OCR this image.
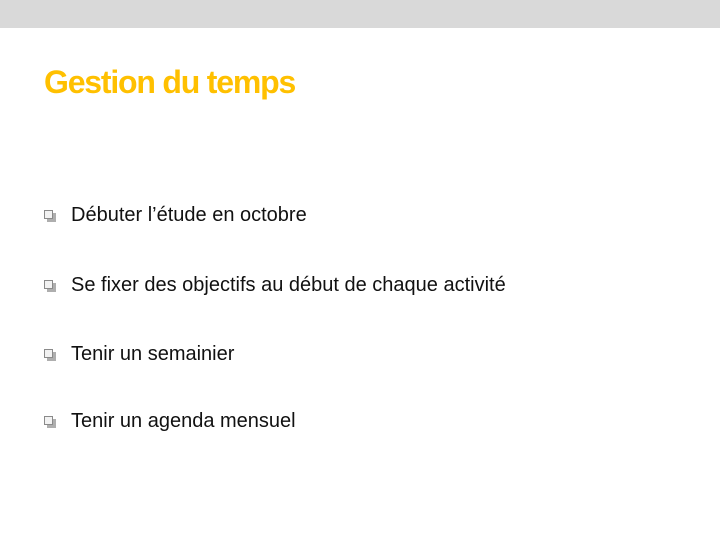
Gestion du temps
Débuter l’étude en octobre
Se fixer des objectifs au début de chaque activité
Tenir un semainier
Tenir un agenda mensuel
